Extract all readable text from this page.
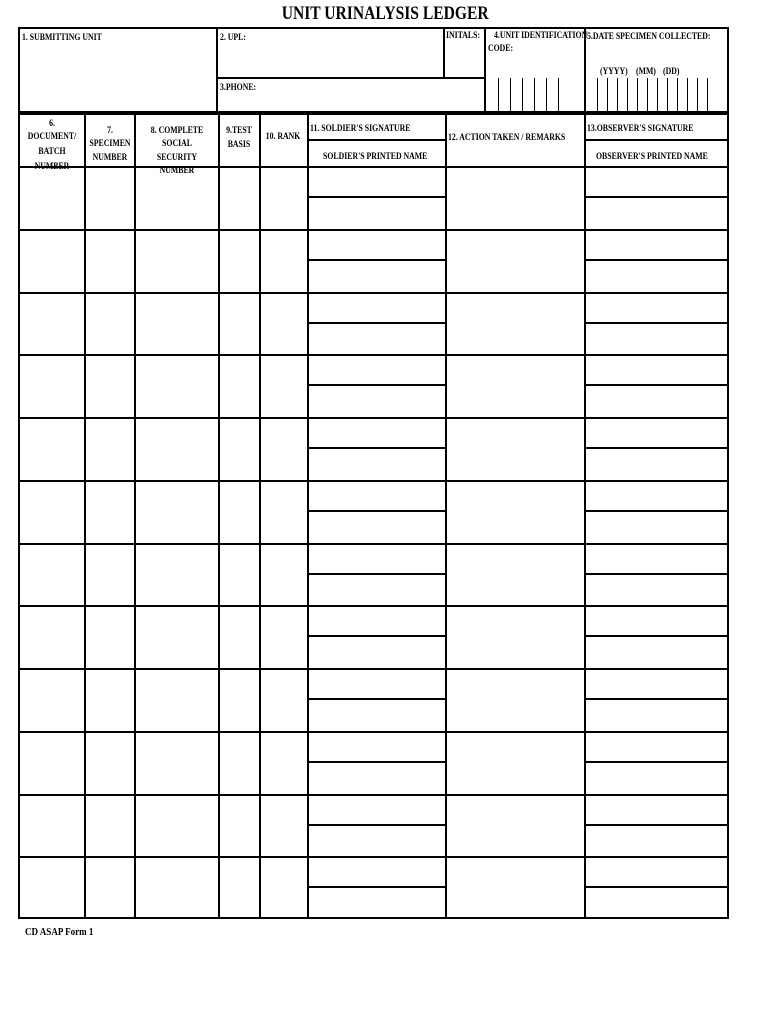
UNIT URINALYSIS LEDGER
1. SUBMITTING UNIT	2. UPL:
3.PHONE:
INITALS: 4.UNIT IDENTIFICATION
CODE:
5.DATE SPECIMEN COLLECTED:
(YYYY) (MM) (DD)
6. DOCUMENT/
BATCH
NUMBER
7. SPECIMEN
NUMBER
8. COMPLETE SOCIAL
SECURITY NUMBER
9.TEST
BASIS
10. RANK
11. SOLDIER'S SIGNATURE
SOLDIER'S PRINTED NAME
12. ACTION TAKEN / REMARKS
13.OBSERVER'S SIGNATURE
OBSERVER'S PRINTED NAME
CD ASAP Form 1
